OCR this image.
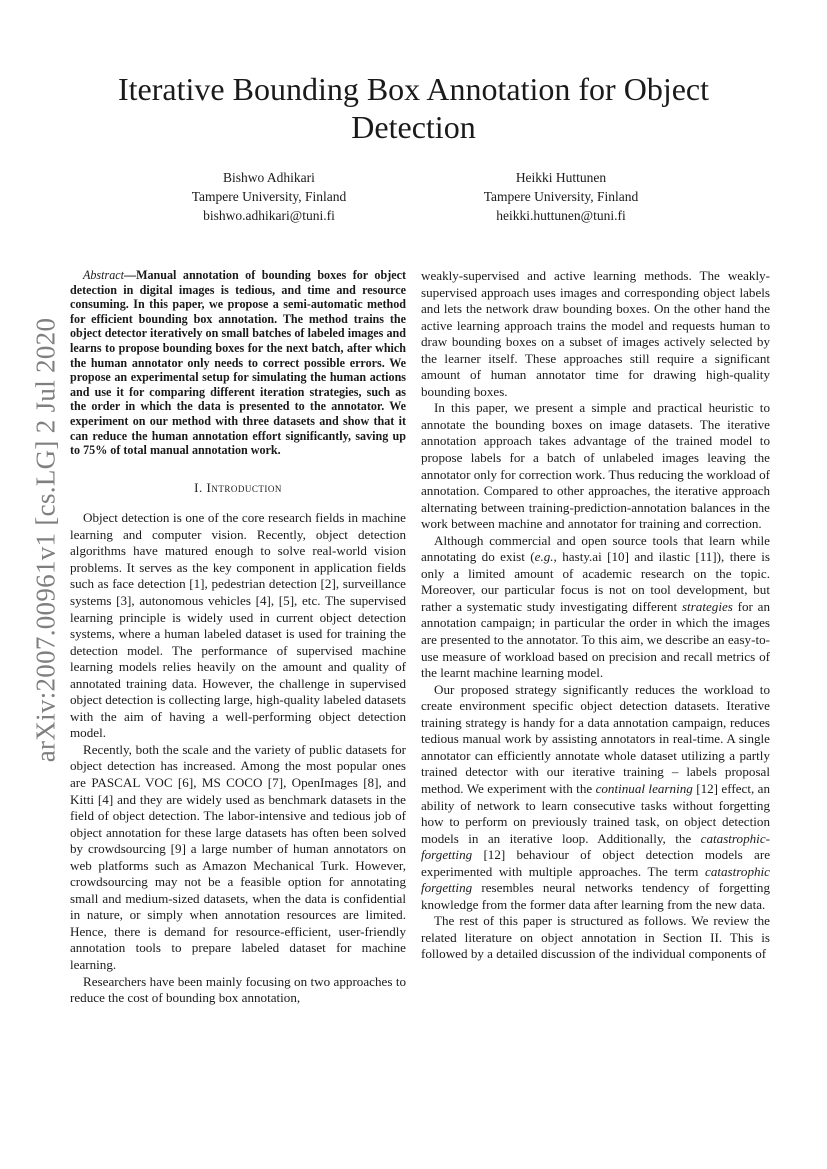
Iterative Bounding Box Annotation for Object Detection
Bishwo Adhikari
Tampere University, Finland
bishwo.adhikari@tuni.fi
Heikki Huttunen
Tampere University, Finland
heikki.huttunen@tuni.fi
arXiv:2007.00961v1 [cs.LG] 2 Jul 2020

Abstract—Manual annotation of bounding boxes for object detection in digital images is tedious, and time and resource consuming. In this paper, we propose a semi-automatic method for efficient bounding box annotation. The method trains the object detector iteratively on small batches of labeled images and learns to propose bounding boxes for the next batch, after which the human annotator only needs to correct possible errors. We propose an experimental setup for simulating the human actions and use it for comparing different iteration strategies, such as the order in which the data is presented to the annotator. We experiment on our method with three datasets and show that it can reduce the human annotation effort significantly, saving up to 75% of total manual annotation work.

I. Introduction

Object detection is one of the core research fields in machine learning and computer vision. Recently, object detection algorithms have matured enough to solve real-world vision problems. It serves as the key component in application fields such as face detection [1], pedestrian detection [2], surveillance systems [3], autonomous vehicles [4], [5], etc. The supervised learning principle is widely used in current object detection systems, where a human labeled dataset is used for training the detection model. The performance of supervised machine learning models relies heavily on the amount and quality of annotated training data. However, the challenge in supervised object detection is collecting large, high-quality labeled datasets with the aim of having a well-performing object detection model.

Recently, both the scale and the variety of public datasets for object detection has increased. Among the most popular ones are PASCAL VOC [6], MS COCO [7], OpenImages [8], and Kitti [4] and they are widely used as benchmark datasets in the field of object detection. The labor-intensive and tedious job of object annotation for these large datasets has often been solved by crowdsourcing [9] a large number of human annotators on web platforms such as Amazon Mechanical Turk. However, crowdsourcing may not be a feasible option for annotating small and medium-sized datasets, when the data is confidential in nature, or simply when annotation resources are limited. Hence, there is demand for resource-efficient, user-friendly annotation tools to prepare labeled dataset for machine learning.

Researchers have been mainly focusing on two approaches to reduce the cost of bounding box annotation,

weakly-supervised and active learning methods. The weakly-supervised approach uses images and corresponding object labels and lets the network draw bounding boxes. On the other hand the active learning approach trains the model and requests human to draw bounding boxes on a subset of images actively selected by the learner itself. These approaches still require a significant amount of human annotator time for drawing high-quality bounding boxes.

In this paper, we present a simple and practical heuristic to annotate the bounding boxes on image datasets. The iterative annotation approach takes advantage of the trained model to propose labels for a batch of unlabeled images leaving the annotator only for correction work. Thus reducing the workload of annotation. Compared to other approaches, the iterative approach alternating between training-prediction-annotation balances in the work between machine and annotator for training and correction.

Although commercial and open source tools that learn while annotating do exist (e.g., hasty.ai [10] and ilastic [11]), there is only a limited amount of academic research on the topic. Moreover, our particular focus is not on tool development, but rather a systematic study investigating different strategies for an annotation campaign; in particular the order in which the images are presented to the annotator. To this aim, we describe an easy-to-use measure of workload based on precision and recall metrics of the learnt machine learning model.

Our proposed strategy significantly reduces the workload to create environment specific object detection datasets. Iterative training strategy is handy for a data annotation campaign, reduces tedious manual work by assisting annotators in real-time. A single annotator can efficiently annotate whole dataset utilizing a partly trained detector with our iterative training – labels proposal method. We experiment with the continual learning [12] effect, an ability of network to learn consecutive tasks without forgetting how to perform on previously trained task, on object detection models in an iterative loop. Additionally, the catastrophic-forgetting [12] behaviour of object detection models are experimented with multiple approaches. The term catastrophic forgetting resembles neural networks tendency of forgetting knowledge from the former data after learning from the new data.

The rest of this paper is structured as follows. We review the related literature on object annotation in Section II. This is followed by a detailed discussion of the individual components of
